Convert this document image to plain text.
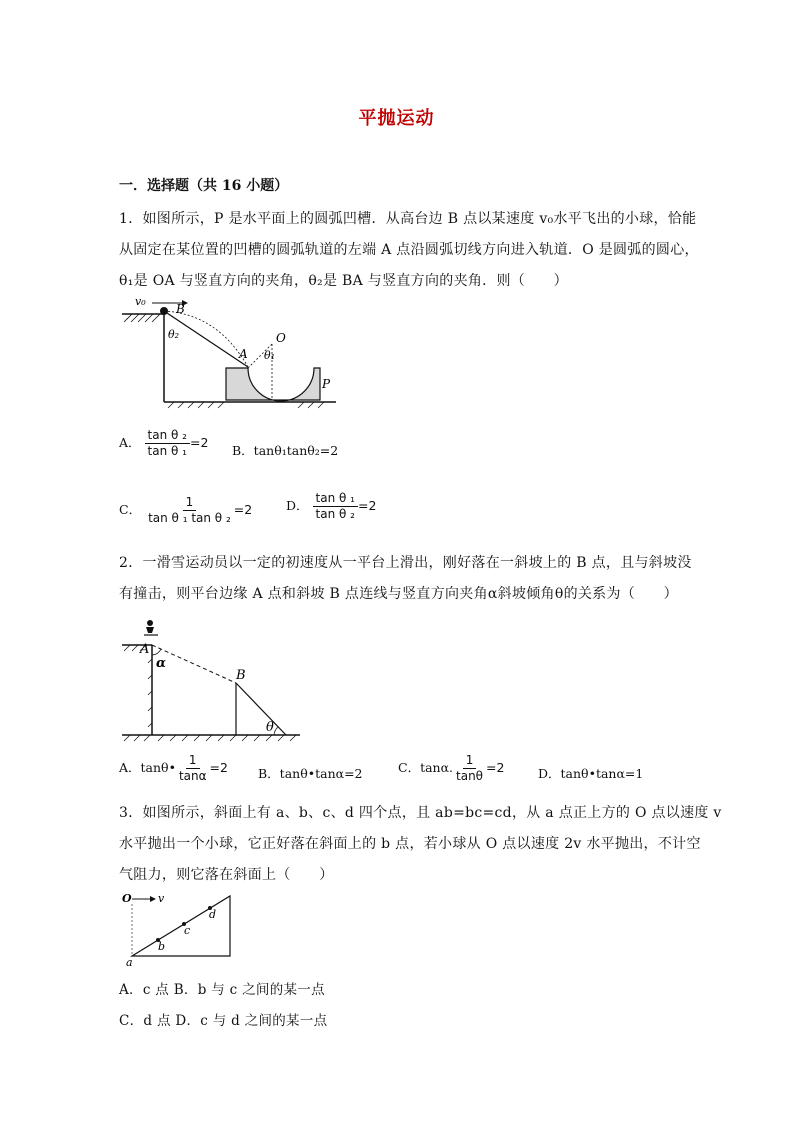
平抛运动
一．选择题（共 16 小题）
1．如图所示，P 是水平面上的圆弧凹槽．从高台边 B 点以某速度 v₀水平飞出的小球，恰能
从固定在某位置的凹槽的圆弧轨道的左端 A 点沿圆弧切线方向进入轨道．O 是圆弧的圆心，
θ₁是 OA 与竖直方向的夹角，θ₂是 BA 与竖直方向的夹角．则（　　）
v₀
B
θ₂	O
θ₁
A
P
A． $\frac{\text{tan θ ₂}}{\text{tan θ ₁}} =2$
B．tanθ₁tanθ₂=2
C． $\frac{1}{\text{tan θ ₁ tan θ ₂}} =2$	D． $\frac{\text{tan θ ₁}}{\text{tan θ ₂}} =2$
2．一滑雪运动员以一定的初速度从一平台上滑出，刚好落在一斜坡上的 B 点，且与斜坡没
有撞击，则平台边缘 A 点和斜坡 B 点连线与竖直方向夹角α斜坡倾角θ的关系为（　　）
A
α
B
θ
A．tanθ• $\frac{1}{\tan\alpha} =2$ B．tanθ•tanα=2	C．tanα. $\frac{1}{\tan\theta} =2$	D．tanθ•tanα=1
3．如图所示，斜面上有 a、b、c、d 四个点，且 ab=bc=cd，从 a 点正上方的 O 点以速度 v
水平抛出一个小球，它正好落在斜面上的 b 点，若小球从 O 点以速度 2v 水平抛出，不计空
气阻力，则它落在斜面上（　　）
O v
a
b
c
d
A．c 点 B．b 与 c 之间的某一点
C．d 点 D．c 与 d 之间的某一点
